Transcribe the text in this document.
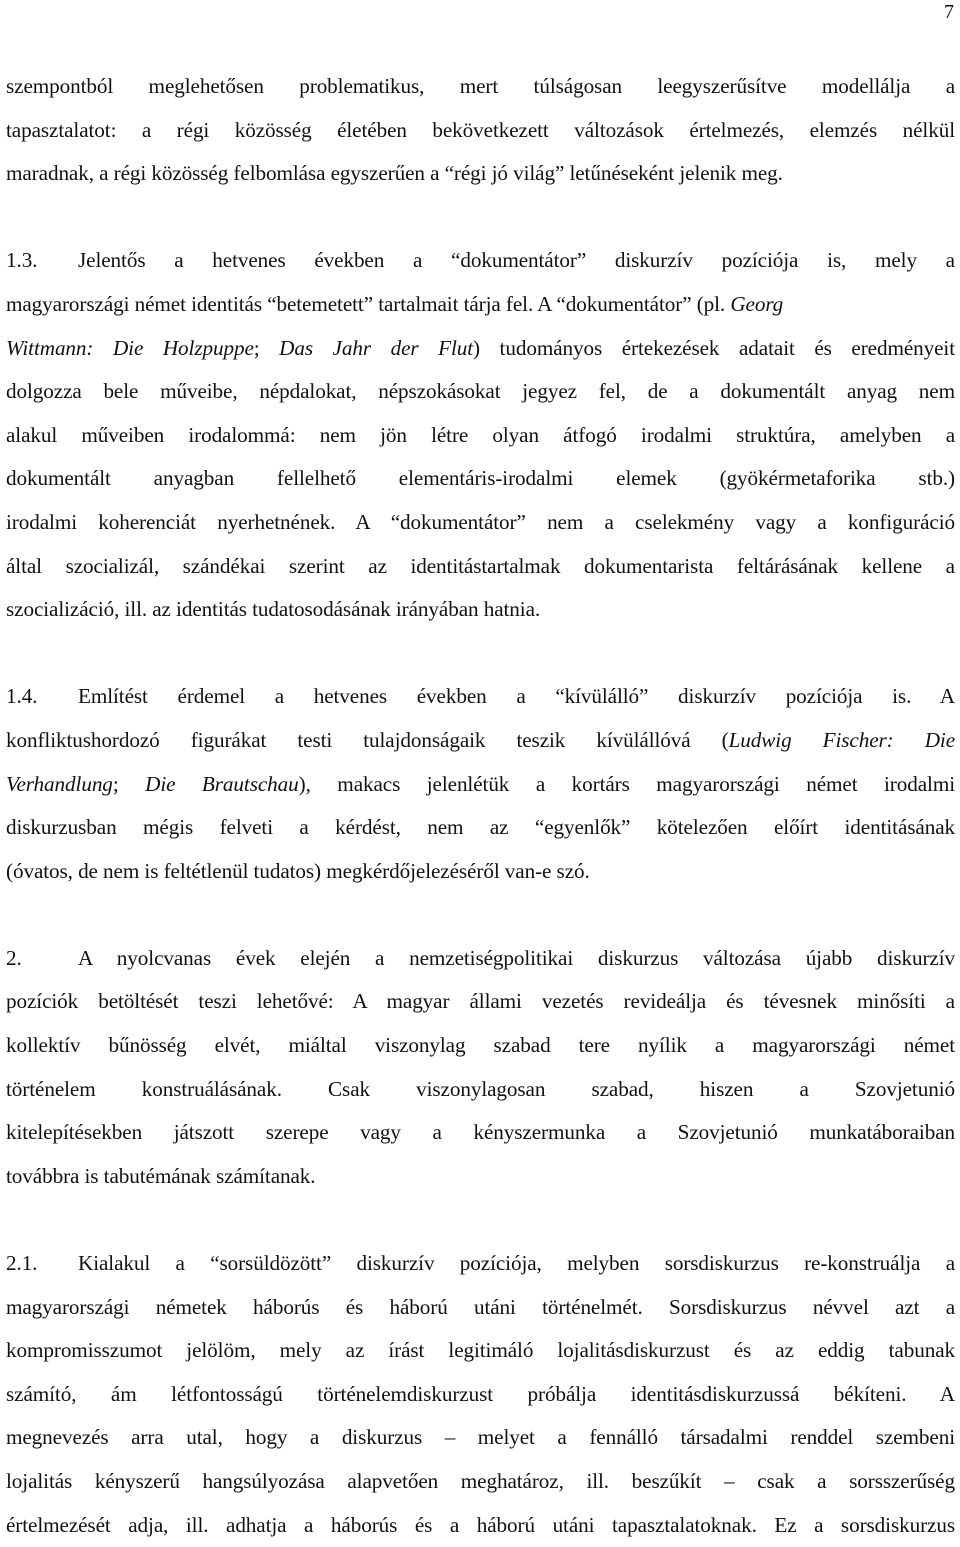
7
szempontból meglehetősen problematikus, mert túlságosan leegyszerűsítve modellálja a
tapasztalatot: a régi közösség életében bekövetkezett változások értelmezés, elemzés nélkül
maradnak, a régi közösség felbomlása egyszerűen a “régi jó világ” letűnéseként jelenik meg.
1.3. Jelentős a hetvenes években a “dokumentátor” diskurzív pozíciója is, mely a
magyarországi német identitás “betemetett” tartalmait tárja fel. A “dokumentátor” (pl. Georg
Wittmann: Die Holzpuppe; Das Jahr der Flut) tudományos értekezések adatait és eredményeit
dolgozza bele műveibe, népdalokat, népszokásokat jegyez fel, de a dokumentált anyag nem
alakul műveiben irodalommá: nem jön létre olyan átfogó irodalmi struktúra, amelyben a
dokumentált anyagban fellelhető elementáris-irodalmi elemek (gyökérmetaforika stb.)
irodalmi koherenciát nyerhetnének. A “dokumentátor” nem a cselekmény vagy a konfiguráció
által szocializál, szándékai szerint az identitástartalmak dokumentarista feltárásának kellene a
szocializáció, ill. az identitás tudatosodásának irányában hatnia.
1.4. Említést érdemel a hetvenes években a “kívülálló” diskurzív pozíciója is. A
konfliktushordozó figurákat testi tulajdonságaik teszik kívülállóvá (Ludwig Fischer: Die
Verhandlung; Die Brautschau), makacs jelenlétük a kortárs magyarországi német irodalmi
diskurzusban mégis felveti a kérdést, nem az “egyenlők” kötelezően előírt identitásának
(óvatos, de nem is feltétlenül tudatos) megkérdőjelezéséről van-e szó.
2.	A nyolcvanas évek elején a nemzetiségpolitikai diskurzus változása újabb diskurzív
pozíciók betöltését teszi lehetővé: A magyar állami vezetés revideálja és tévesnek minősíti a
kollektív bűnösség elvét, miáltal viszonylag szabad tere nyílik a magyarországi német
történelem konstruálásának. Csak viszonylagosan szabad, hiszen a Szovjetunió
kitelepítésekben játszott szerepe vagy a kényszermunka a Szovjetunió munkatáboraiban
továbbra is tabutémának számítanak.
2.1. Kialakul a “sorsüldözött” diskurzív pozíciója, melyben sorsdiskurzus re-konstruálja a
magyarországi németek háborús és háború utáni történelmét. Sorsdiskurzus névvel azt a
kompromisszumot jelölöm, mely az írást legitimáló lojalitásdiskurzust és az eddig tabunak
számító, ám létfontosságú történelemdiskurzust próbálja identitásdiskurzussá békíteni. A
megnevezés arra utal, hogy a diskurzus – melyet a fennálló társadalmi renddel szembeni
lojalitás kényszerű hangsúlyozása alapvetően meghatároz, ill. beszűkít – csak a sorsszerűség
értelmezését adja, ill. adhatja a háborús és a háború utáni tapasztalatoknak. Ez a sorsdiskurzus
